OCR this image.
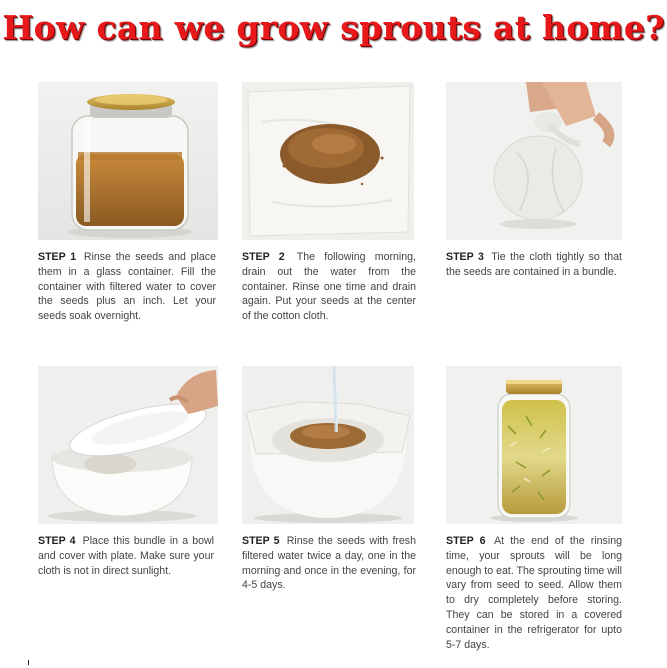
How can we grow sprouts at home?
STEP 1 Rinse the seeds and place them in a glass container. Fill the container with filtered water to cover the seeds plus an inch. Let your seeds soak overnight.
STEP 2 The following morning, drain out the water from the container. Rinse one time and drain again. Put your seeds at the center of the cotton cloth.
STEP 3 Tie the cloth tightly so that the seeds are contained in a bundle.
STEP 4 Place this bundle in a bowl and cover with plate. Make sure your cloth is not in direct sunlight.
STEP 5 Rinse the seeds with fresh filtered water twice a day, one in the morning and once in the evening, for 4-5 days.
STEP 6 At the end of the rinsing time, your sprouts will be long enough to eat. The sprouting time will vary from seed to seed. Allow them to dry completely before storing. They can be stored in a covered container in the refrigerator for upto 5-7 days.
